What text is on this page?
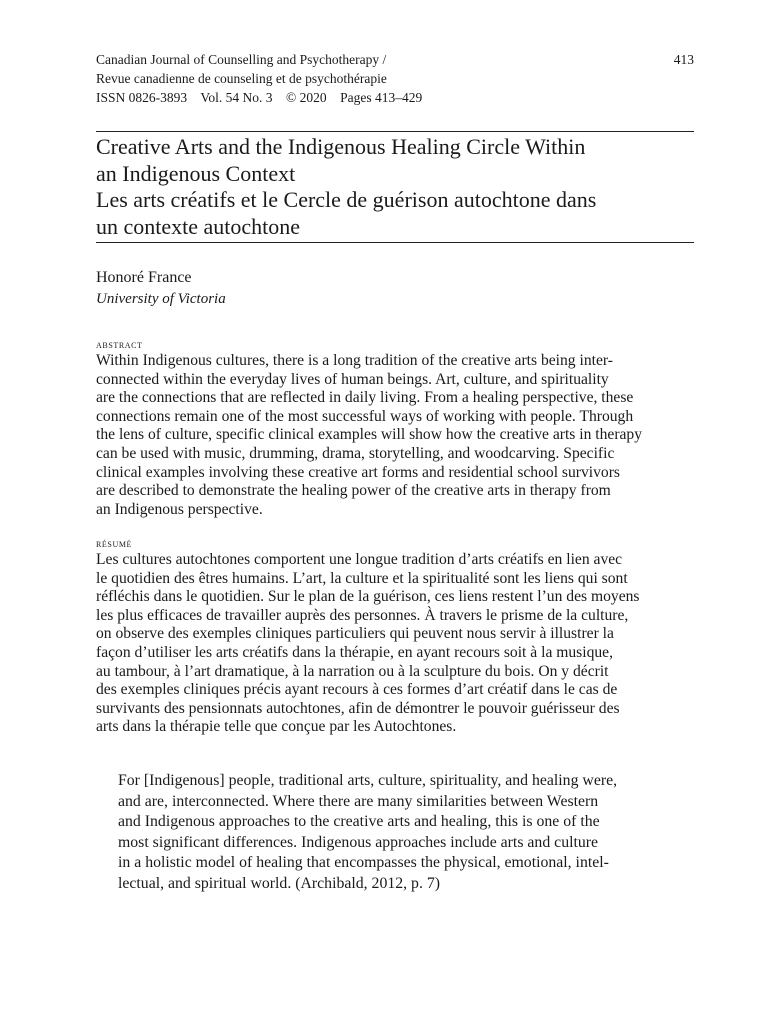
Canadian Journal of Counselling and Psychotherapy /
Revue canadienne de counseling et de psychothérapie
ISSN 0826-3893    Vol. 54 No. 3    © 2020    Pages 413–429
413
Creative Arts and the Indigenous Healing Circle Within
an Indigenous Context
Les arts créatifs et le Cercle de guérison autochtone dans
un contexte autochtone
Honoré France
University of Victoria
abstract
Within Indigenous cultures, there is a long tradition of the creative arts being inter-
connected within the everyday lives of human beings. Art, culture, and spirituality
are the connections that are reflected in daily living. From a healing perspective, these
connections remain one of the most successful ways of working with people. Through
the lens of culture, specific clinical examples will show how the creative arts in therapy
can be used with music, drumming, drama, storytelling, and woodcarving. Specific
clinical examples involving these creative art forms and residential school survivors
are described to demonstrate the healing power of the creative arts in therapy from
an Indigenous perspective.
résumé
Les cultures autochtones comportent une longue tradition d’arts créatifs en lien avec
le quotidien des êtres humains. L’art, la culture et la spiritualité sont les liens qui sont
réfléchis dans le quotidien. Sur le plan de la guérison, ces liens restent l’un des moyens
les plus efficaces de travailler auprès des personnes. À travers le prisme de la culture,
on observe des exemples cliniques particuliers qui peuvent nous servir à illustrer la
façon d’utiliser les arts créatifs dans la thérapie, en ayant recours soit à la musique,
au tambour, à l’art dramatique, à la narration ou à la sculpture du bois. On y décrit
des exemples cliniques précis ayant recours à ces formes d’art créatif dans le cas de
survivants des pensionnats autochtones, afin de démontrer le pouvoir guérisseur des
arts dans la thérapie telle que conçue par les Autochtones.
For [Indigenous] people, traditional arts, culture, spirituality, and healing were,
and are, interconnected. Where there are many similarities between Western
and Indigenous approaches to the creative arts and healing, this is one of the
most significant differences. Indigenous approaches include arts and culture
in a holistic model of healing that encompasses the physical, emotional, intel-
lectual, and spiritual world. (Archibald, 2012, p. 7)
